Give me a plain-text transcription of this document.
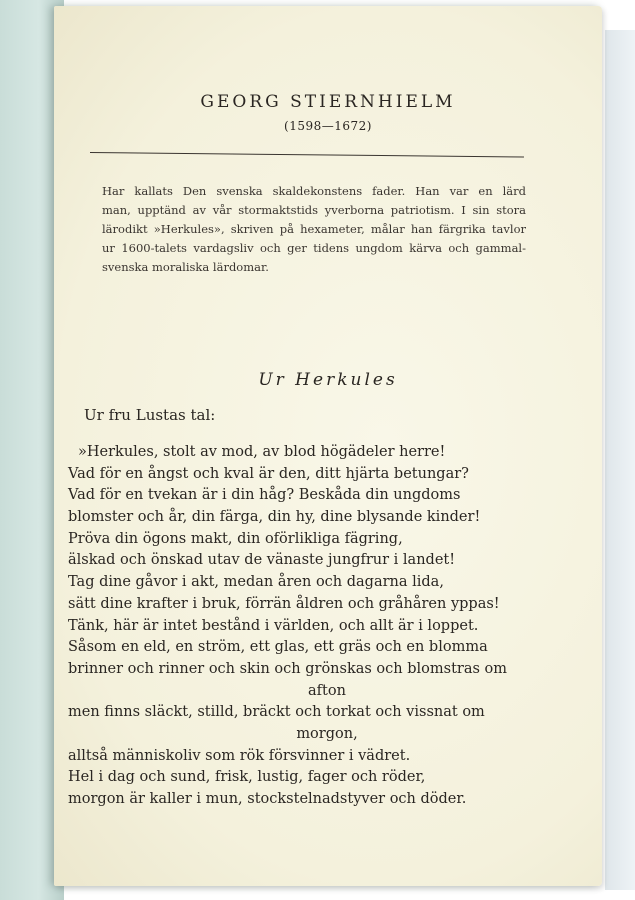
GEORG STIERNHIELM
(1598—1672)
Har kallats Den svenska skaldekonstens fader. Han var en lärd
man, upptänd av vår stormaktstids yverborna patriotism. I sin stora
lärodikt »Herkules», skriven på hexameter, målar han färgrika tavlor
ur 1600-talets vardagsliv och ger tidens ungdom kärva och gammal-
svenska moraliska lärdomar.
Ur Herkules
Ur fru Lustas tal:
»Herkules, stolt av mod, av blod högädeler herre!
Vad för en ångst och kval är den, ditt hjärta betungar?
Vad för en tvekan är i din håg? Beskåda din ungdoms
blomster och år, din färga, din hy, dine blysande kinder!
Pröva din ögons makt, din oförlikliga fägring,
älskad och önskad utav de vänaste jungfrur i landet!
Tag dine gåvor i akt, medan åren och dagarna lida,
sätt dine krafter i bruk, förrän åldren och gråhåren yppas!
Tänk, här är intet bestånd i världen, och allt är i loppet.
Såsom en eld, en ström, ett glas, ett gräs och en blomma
brinner och rinner och skin och grönskas och blomstras om
afton
men finns släckt, stilld, bräckt och torkat och vissnat om
morgon,
alltså människoliv som rök försvinner i vädret.
Hel i dag och sund, frisk, lustig, fager och röder,
morgon är kaller i mun, stockstelnadstyver och döder.
